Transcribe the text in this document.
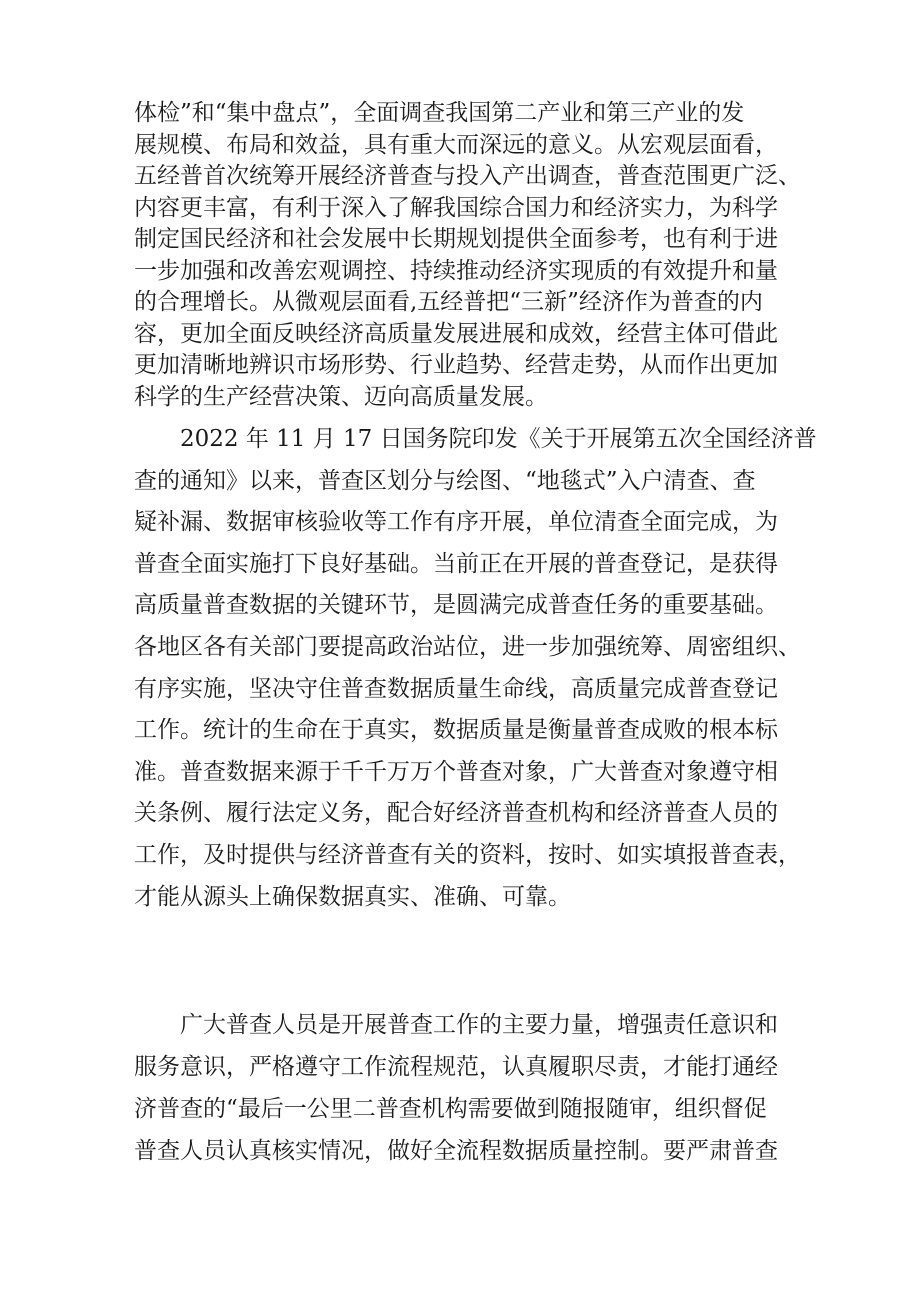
体检”和“集中盘点”，全面调查我国第二产业和第三产业的发
展规模、布局和效益，具有重大而深远的意义。从宏观层面看，
五经普首次统筹开展经济普查与投入产出调查，普查范围更广泛、
内容更丰富，有利于深入了解我国综合国力和经济实力，为科学
制定国民经济和社会发展中长期规划提供全面参考，也有利于进
一步加强和改善宏观调控、持续推动经济实现质的有效提升和量
的合理增长。从微观层面看,五经普把“三新”经济作为普查的内
容，更加全面反映经济高质量发展进展和成效，经营主体可借此
更加清晰地辨识市场形势、行业趋势、经营走势，从而作出更加
科学的生产经营决策、迈向高质量发展。
　　2022 年 11 月 17 日国务院印发《关于开展第五次全国经济普
查的通知》以来，普查区划分与绘图、“地毯式”入户清查、查
疑补漏、数据审核验收等工作有序开展，单位清查全面完成，为
普查全面实施打下良好基础。当前正在开展的普查登记，是获得
高质量普查数据的关键环节，是圆满完成普查任务的重要基础。
各地区各有关部门要提高政治站位，进一步加强统筹、周密组织、
有序实施，坚决守住普查数据质量生命线，高质量完成普查登记
工作。统计的生命在于真实，数据质量是衡量普查成败的根本标
准。普查数据来源于千千万万个普查对象，广大普查对象遵守相
关条例、履行法定义务，配合好经济普查机构和经济普查人员的
工作，及时提供与经济普查有关的资料，按时、如实填报普查表，
才能从源头上确保数据真实、准确、可靠。
　　广大普查人员是开展普查工作的主要力量，增强责任意识和
服务意识，严格遵守工作流程规范，认真履职尽责，才能打通经
济普查的“最后一公里二普查机构需要做到随报随审，组织督促
普查人员认真核实情况，做好全流程数据质量控制。要严肃普查
